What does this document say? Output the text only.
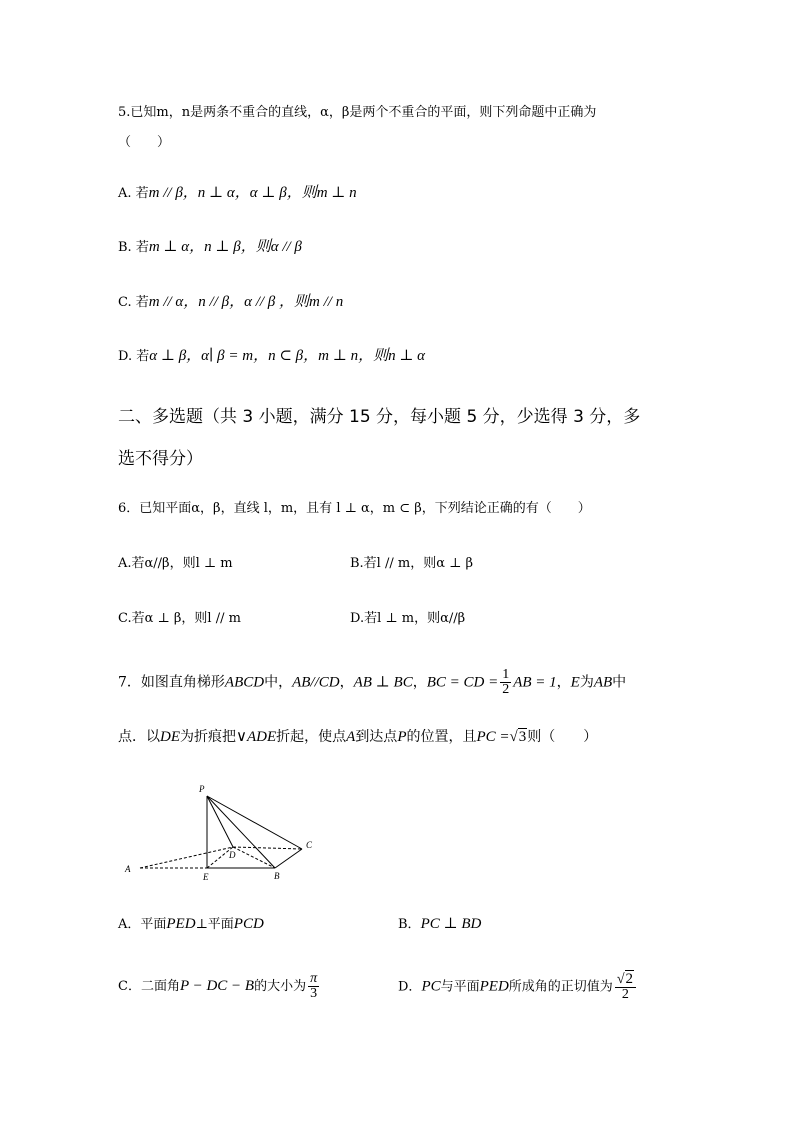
5.已知m，n是两条不重合的直线，α，β是两个不重合的平面，则下列命题中正确为
（　　）
A. 若m // β，n ⊥ α，α ⊥ β，则m ⊥ n
B. 若m ⊥ α，n ⊥ β，则α // β
C. 若m // α，n // β，α // β ，则m // n
D. 若α ⊥ β，α∣ β = m，n ⊂ β，m ⊥ n，则n ⊥ α
二、多选题（共 3 小题，满分 15 分，每小题 5 分，少选得 3 分，多
选不得分）
6．已知平面α，β，直线 l，m，且有 l ⊥ α，m ⊂ β，下列结论正确的有（　　）
A.若α//β，则l ⊥ m	B.若l // m，则α ⊥ β
C.若α ⊥ β，则l // m	D.若l ⊥ m，则α//β
7．如图直角梯形ABCD中，AB//CD，AB ⊥ BC，BC = CD = $\frac{1}{2}$ AB = 1，E为AB中
点．以DE为折痕把∨ADE折起，使点A到达点P的位置，且PC =√3则（　　）
P
D
C
A
E	B
A．平面PED⊥平面PCD	B．PC ⊥ BD
C．二面角P − DC − B的大小为 $\frac{\pi}{3}$	D．PC与平面PED所成角的正切值为 $\frac{√2}{2}$
